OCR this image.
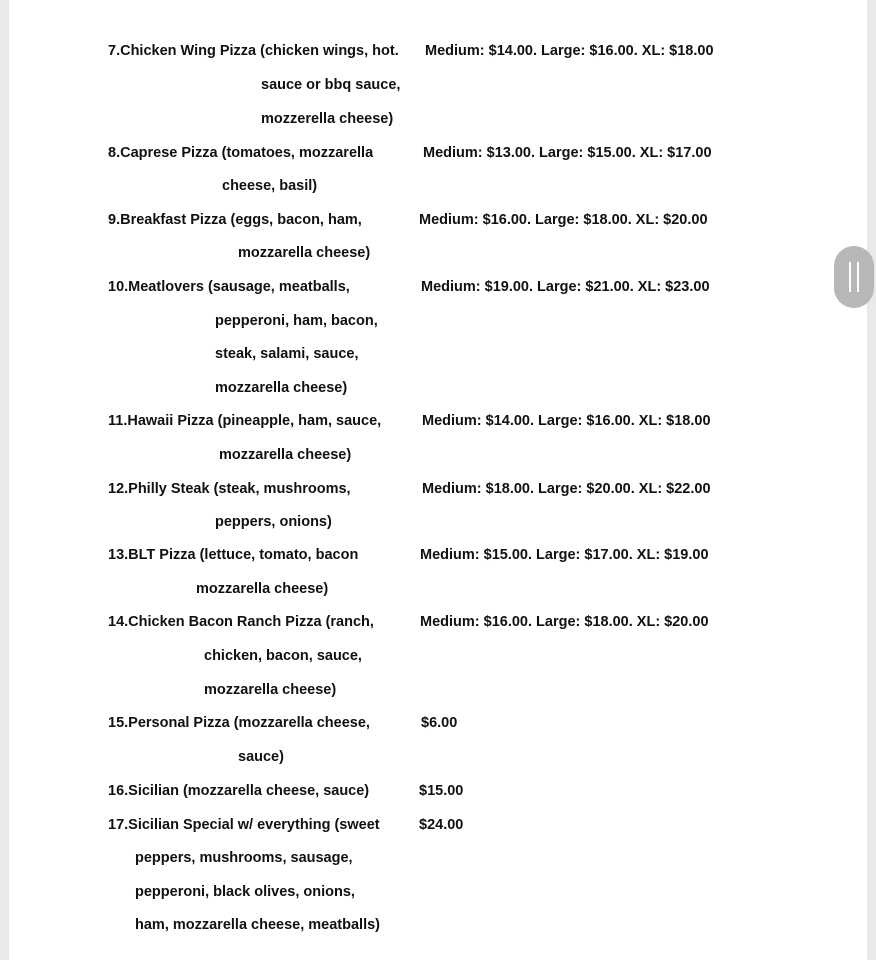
7.Chicken Wing Pizza (chicken wings, hot.
sauce or bbq sauce,
mozzerella cheese)
Medium: $14.00. Large: $16.00. XL: $18.00
8.Caprese Pizza (tomatoes, mozzarella
cheese, basil)
Medium: $13.00. Large: $15.00. XL: $17.00
9.Breakfast Pizza (eggs, bacon, ham,
mozzarella cheese)
Medium: $16.00. Large: $18.00. XL: $20.00
10.Meatlovers (sausage, meatballs,
pepperoni, ham, bacon,
steak, salami, sauce,
mozzarella cheese)
Medium: $19.00. Large: $21.00. XL: $23.00
11.Hawaii Pizza (pineapple, ham, sauce,
mozzarella cheese)
Medium: $14.00. Large: $16.00. XL: $18.00
12.Philly Steak (steak, mushrooms,
peppers, onions)
Medium: $18.00. Large: $20.00. XL: $22.00
13.BLT Pizza (lettuce, tomato, bacon
mozzarella cheese)
Medium: $15.00. Large: $17.00. XL: $19.00
14.Chicken Bacon Ranch Pizza (ranch,
chicken, bacon, sauce,
mozzarella cheese)
Medium: $16.00. Large: $18.00. XL: $20.00
15.Personal Pizza (mozzarella cheese,
sauce)
$6.00
16.Sicilian (mozzarella cheese, sauce)	$15.00
17.Sicilian Special w/ everything (sweet
peppers, mushrooms, sausage,
pepperoni, black olives, onions,
ham, mozzarella cheese, meatballs)
$24.00
